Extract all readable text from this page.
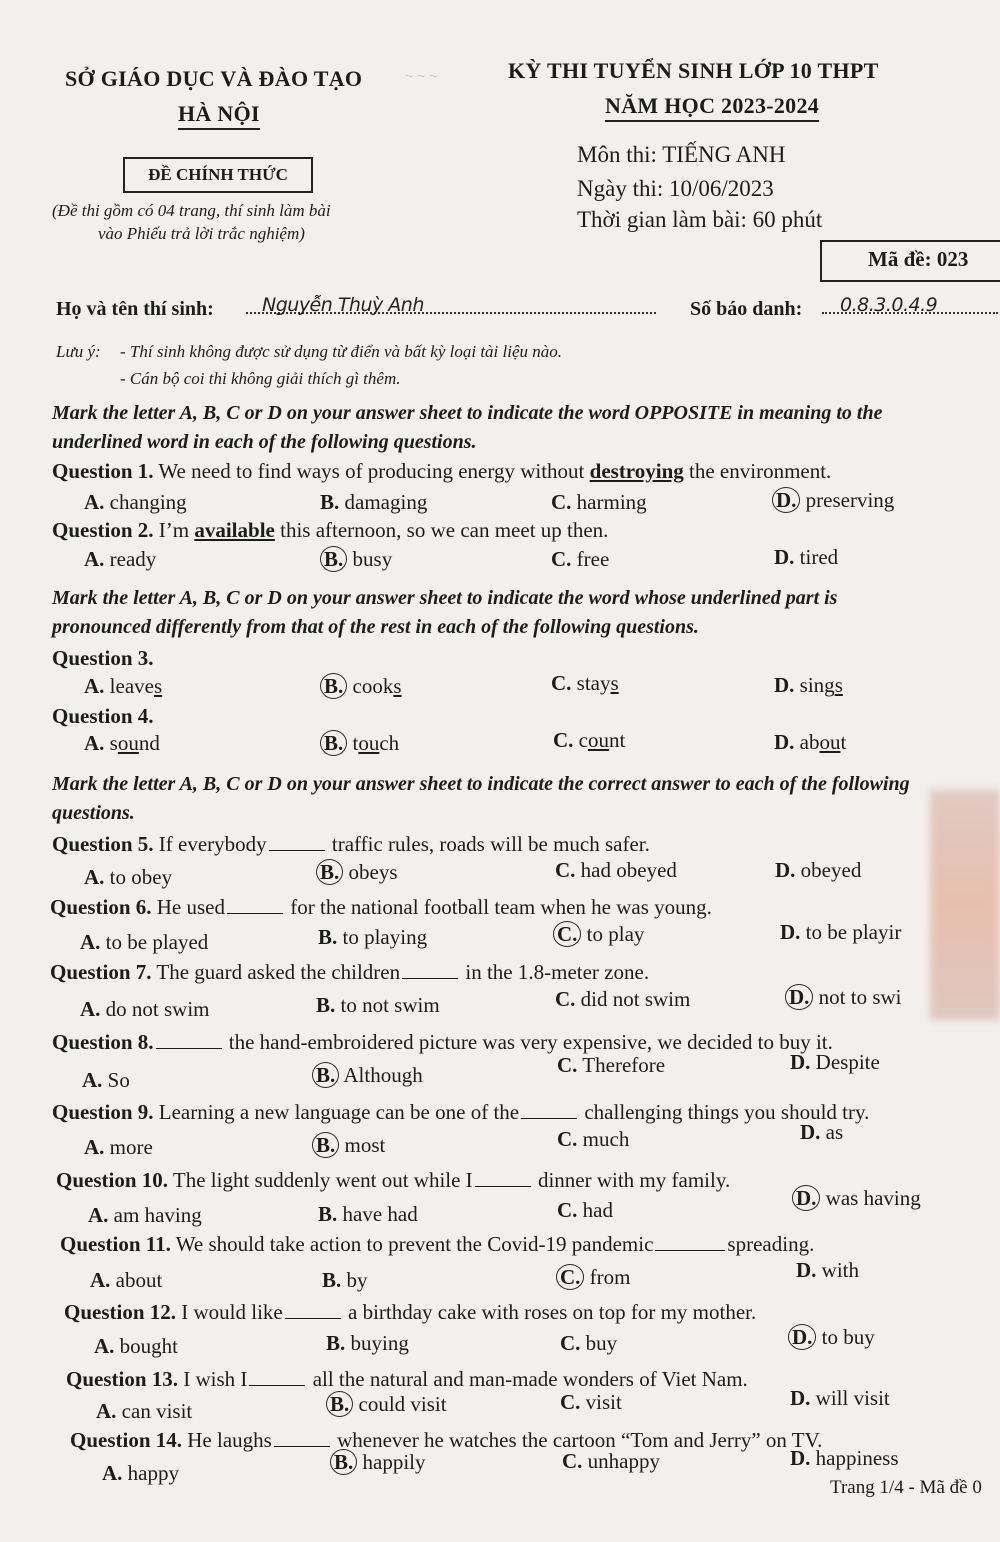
~ ~ ~
SỞ GIÁO DỤC VÀ ĐÀO TẠO
HÀ NỘI
KỲ THI TUYỂN SINH LỚP 10 THPT
NĂM HỌC 2023-2024
ĐỀ CHÍNH THỨC
(Đề thi gồm có 04 trang, thí sinh làm bài
vào Phiếu trả lời trắc nghiệm)
Môn thi: TIẾNG ANH
Ngày thi: 10/06/2023
Thời gian làm bài: 60 phút
Mã đề: 023
Họ và tên thí sinh:	Nguyễn Thuỳ Anh	Số báo danh: 0.8.3.0.4.9
Lưu ý: - Thí sinh không được sử dụng từ điển và bất kỳ loại tài liệu nào.
- Cán bộ coi thi không giải thích gì thêm.
Mark the letter A, B, C or D on your answer sheet to indicate the word OPPOSITE in meaning to the
underlined word in each of the following questions.
Question 1. We need to find ways of producing energy without destroying the environment.
A. changing	B. damaging	C. harming	D. preserving
Question 2. I’m available this afternoon, so we can meet up then.
A. ready	B. busy	C. free	D. tired
Mark the letter A, B, C or D on your answer sheet to indicate the word whose underlined part is
pronounced differently from that of the rest in each of the following questions.
Question 3.
A. leaves	B. cooks	C. stays	D. sings
Question 4.
A. sound	B. touch	C. count	D. about
Mark the letter A, B, C or D on your answer sheet to indicate the correct answer to each of the following
questions.
Question 5. If everybody	traffic rules, roads will be much safer.
A. to obey	B. obeys	C. had obeyed	D. obeyed
Question 6. He used	for the national football team when he was young.
A. to be played	B. to playing	C. to play	D. to be playir
Question 7. The guard asked the children	in the 1.8-meter zone.
A. do not swim	B. to not swim	C. did not swim	D. not to swi
Question 8.	the hand-embroidered picture was very expensive, we decided to buy it.
A. So	B. Although	C. Therefore	D. Despite
Question 9. Learning a new language can be one of the	challenging things you should try.
A. more	B. most	C. much	D. as
Question 10. The light suddenly went out while I	dinner with my family.
A. am having	B. have had	C. had	D. was having
Question 11. We should take action to prevent the Covid-19 pandemic	spreading.
A. about	B. by	C. from	D. with
Question 12. I would like	a birthday cake with roses on top for my mother.
A. bought	B. buying	C. buy	D. to buy
Question 13. I wish I	all the natural and man-made wonders of Viet Nam.
A. can visit	B. could visit	C. visit	D. will visit
Question 14. He laughs	whenever he watches the cartoon “Tom and Jerry” on TV.
A. happy	B. happily	C. unhappy	D. happiness
Trang 1/4 - Mã đề 0
